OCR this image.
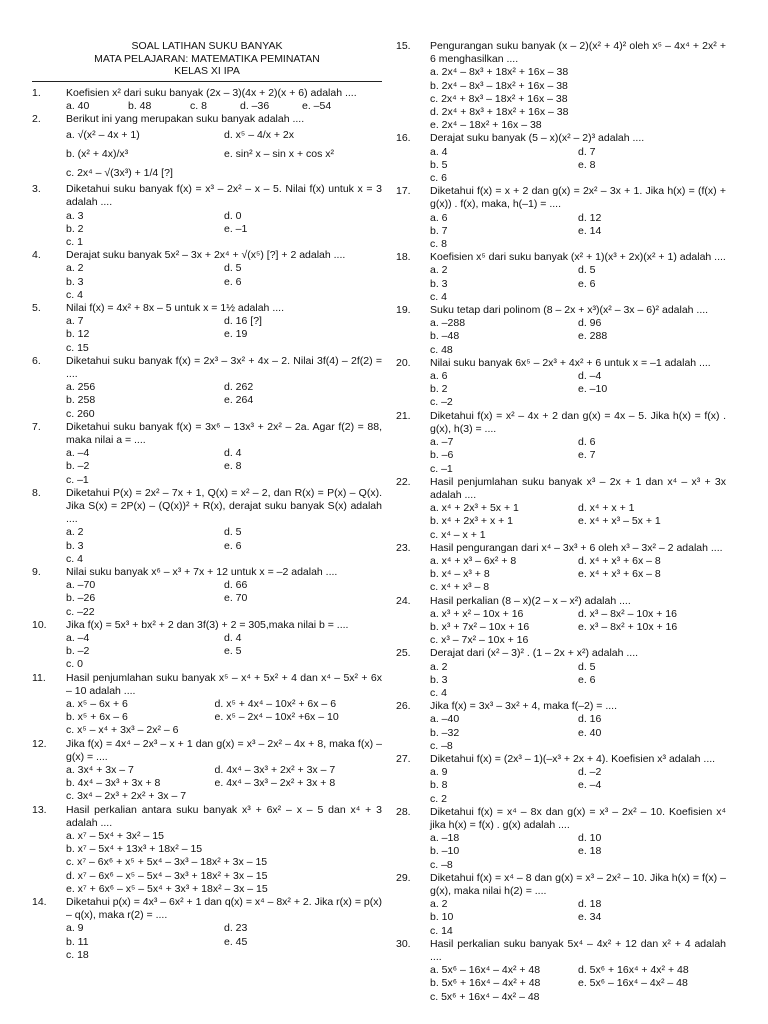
SOAL LATIHAN SUKU BANYAK
MATA PELAJARAN: MATEMATIKA PEMINATAN
KELAS XI IPA
1.	Koefisien x² dari suku banyak (2x – 3)(4x + 2)(x + 6) adalah ....
a. 40	b. 48	c. 8	d. –36	e. –54
2.	Berikut ini yang merupakan suku banyak adalah ....
a. √(x² – 4x + 1)	d. x⁵ – 4/x + 2x
b. (x² + 4x)/x³	e. sin² x – sin x + cos x²
c. 2x⁴ – √(3x³) + 1/4 [?]
3.	Diketahui suku banyak f(x) = x³ – 2x² – x – 5. Nilai f(x) untuk x = 3 adalah ....
a. 3	d. 0
b. 2	e. –1
c. 1
4.	Derajat suku banyak 5x² – 3x + 2x⁴ + √(x⁵) [?] + 2 adalah ....
a. 2	d. 5
b. 3	e. 6
c. 4
5.	Nilai f(x) = 4x² + 8x – 5 untuk x = 1½ adalah ....
a. 7	d. 16 [?]
b. 12	e. 19
c. 15
6.	Diketahui suku banyak f(x) = 2x³ – 3x² + 4x – 2. Nilai 3f(4) – 2f(2) = ....
a. 256	d. 262
b. 258	e. 264
c. 260
7.	Diketahui suku banyak f(x) = 3x⁶ – 13x³ + 2x² – 2a. Agar f(2) = 88, maka nilai a = ....
a. –4	d. 4
b. –2	e. 8
c. –1
8.	Diketahui P(x) = 2x² – 7x + 1, Q(x) = x² – 2, dan R(x) = P(x) – Q(x). Jika S(x) = 2P(x) – (Q(x))² + R(x), derajat suku banyak S(x) adalah ....
a. 2	d. 5
b. 3	e. 6
c. 4
9.	Nilai suku banyak x⁶ – x³ + 7x + 12 untuk x = –2 adalah ....
a. –70	d. 66
b. –26	e. 70
c. –22
10.	Jika f(x) = 5x³ + bx² + 2 dan 3f(3) + 2 = 305,maka nilai b = ....
a. –4	d. 4
b. –2	e. 5
c. 0
11.	Hasil penjumlahan suku banyak x⁵ – x⁴ + 5x² + 4 dan x⁴ – 5x² + 6x – 10 adalah ....
a. x⁵ – 6x + 6	d. x⁵ + 4x⁴ – 10x² + 6x – 6
b. x⁵ + 6x – 6	e. x⁵ – 2x⁴ – 10x² +6x – 10
c. x⁵ – x⁴ + 3x³ – 2x² – 6
12.	Jika f(x) = 4x⁴ – 2x³ – x + 1 dan g(x) = x³ – 2x² – 4x + 8, maka f(x) – g(x) = ....
a. 3x⁴ + 3x – 7	d. 4x⁴ – 3x³ + 2x² + 3x – 7
b. 4x⁴ – 3x³ + 3x + 8	e. 4x⁴ – 3x³ – 2x² + 3x + 8
c. 3x⁴ – 2x³ + 2x² + 3x – 7
13.	Hasil perkalian antara suku banyak x³ + 6x² – x – 5 dan x⁴ + 3 adalah ....
a. x⁷ – 5x⁴ + 3x² – 15
b. x⁷ – 5x⁴ + 13x³ + 18x² – 15
c. x⁷ – 6x⁶ + x⁵ + 5x⁴ – 3x³ – 18x² + 3x – 15
d. x⁷ – 6x⁶ – x⁵ – 5x⁴ – 3x³ + 18x² + 3x – 15
e. x⁷ + 6x⁶ – x⁵ – 5x⁴ + 3x³ + 18x² – 3x – 15
14.	Diketahui p(x) = 4x³ – 6x² + 1 dan q(x) = x⁴ – 8x² + 2. Jika r(x) = p(x) – q(x), maka r(2) = ....
a. 9	d. 23
b. 11	e. 45
c. 18
15.	Pengurangan suku banyak (x – 2)(x² + 4)² oleh x⁵ – 4x⁴ + 2x² + 6 menghasilkan ....
a. 2x⁴ – 8x³ + 18x² + 16x – 38
b. 2x⁴ – 8x³ – 18x² + 16x – 38
c. 2x⁴ + 8x³ – 18x² + 16x – 38
d. 2x⁴ + 8x³ + 18x² + 16x – 38
e. 2x⁴ – 18x² + 16x – 38
16.	Derajat suku banyak (5 – x)(x² – 2)³ adalah ....
a. 4	d. 7
b. 5	e. 8
c. 6
17.	Diketahui f(x) = x + 2 dan g(x) = 2x² – 3x + 1. Jika h(x) = (f(x) + g(x)) . f(x), maka, h(–1) = ....
a. 6	d. 12
b. 7	e. 14
c. 8
18.	Koefisien x⁵ dari suku banyak (x² + 1)(x³ + 2x)(x² + 1) adalah ....
a. 2	d. 5
b. 3	e. 6
c. 4
19.	Suku tetap dari polinom (8 – 2x + x³)(x² – 3x – 6)² adalah ....
a. –288	d. 96
b. –48	e. 288
c. 48
20.	Nilai suku banyak 6x⁵ – 2x³ + 4x² + 6 untuk x = –1 adalah ....
a. 6	d. –4
b. 2	e. –10
c. –2
21.	Diketahui f(x) = x² – 4x + 2 dan g(x) = 4x – 5. Jika h(x) = f(x) . g(x), h(3) = ....
a. –7	d. 6
b. –6	e. 7
c. –1
22.	Hasil penjumlahan suku banyak x³ – 2x + 1 dan x⁴ – x³ + 3x adalah ....
a. x⁴ + 2x³ + 5x + 1	d. x⁴ + x + 1
b. x⁴ + 2x³ + x + 1	e. x⁴ + x³ – 5x + 1
c. x⁴ – x + 1
23.	Hasil pengurangan dari x⁴ – 3x³ + 6 oleh x³ – 3x² – 2 adalah ....
a. x⁴ + x³ – 6x² + 8	d. x⁴ + x³ + 6x – 8
b. x⁴ – x³ + 8	e. x⁴ + x³ + 6x – 8
c. x⁴ + x³ – 8
24.	Hasil perkalian (8 – x)(2 – x – x²) adalah ....
a. x³ + x² – 10x + 16	d. x³ – 8x² – 10x + 16
b. x³ + 7x² – 10x + 16	e. x³ – 8x² + 10x + 16
c. x³ – 7x² – 10x + 16
25.	Derajat dari (x² – 3)² . (1 – 2x + x²) adalah ....
a. 2	d. 5
b. 3	e. 6
c. 4
26.	Jika f(x) = 3x³ – 3x² + 4, maka f(–2) = ....
a. –40	d. 16
b. –32	e. 40
c. –8
27.	Diketahui f(x) = (2x³ – 1)(–x³ + 2x + 4). Koefisien x³ adalah ....
a. 9	d. –2
b. 8	e. –4
c. 2
28.	Diketahui f(x) = x⁴ – 8x dan g(x) = x³ – 2x² – 10. Koefisien x⁴ jika h(x) = f(x) . g(x) adalah ....
a. –18	d. 10
b. –10	e. 18
c. –8
29.	Diketahui f(x) = x⁴ – 8 dan g(x) = x³ – 2x² – 10. Jika h(x) = f(x) – g(x), maka nilai h(2) = ....
a. 2	d. 18
b. 10	e. 34
c. 14
30.	Hasil perkalian suku banyak 5x⁴ – 4x² + 12 dan x² + 4 adalah ....
a. 5x⁶ – 16x⁴ – 4x² + 48	d. 5x⁶ + 16x⁴ + 4x² + 48
b. 5x⁶ + 16x⁴ – 4x² + 48	e. 5x⁶ – 16x⁴ – 4x² – 48
c. 5x⁶ + 16x⁴ – 4x² – 48
